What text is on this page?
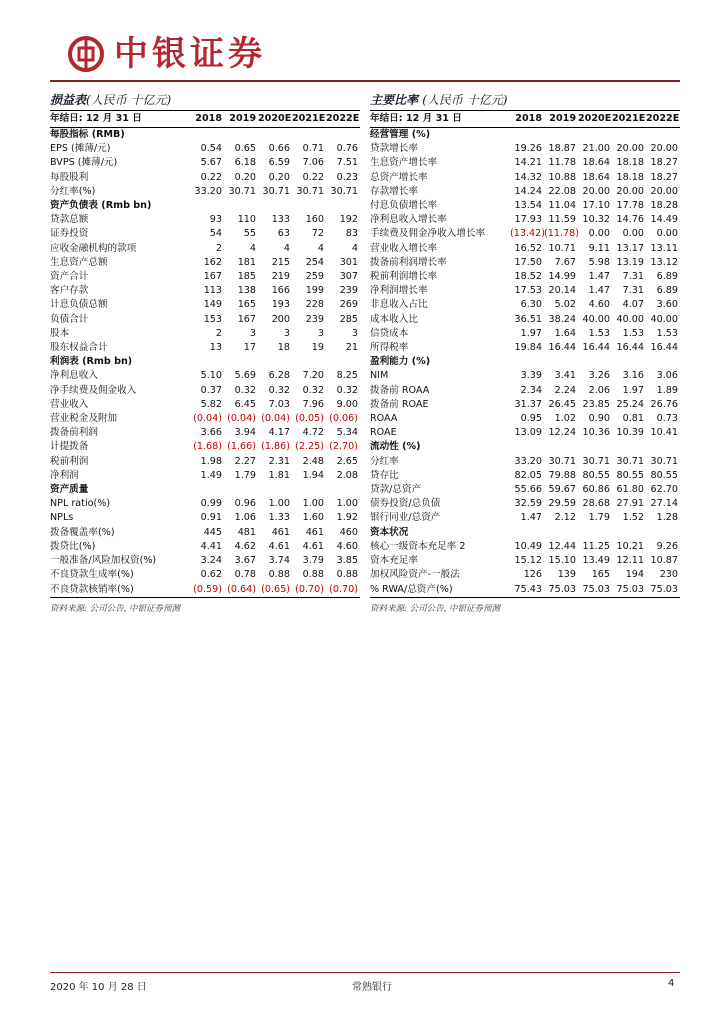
中银证券
损益表(人民币 十亿元)
年结日: 12 月 31 日	2018	2019	2020E	2021E	2022E
每股指标 (RMB)					
EPS (摊薄/元)	0.54	0.65	0.66	0.71	0.76
BVPS (摊薄/元)	5.67	6.18	6.59	7.06	7.51
每股股利	0.22	0.20	0.20	0.22	0.23
分红率(%)	33.20	30.71	30.71	30.71	30.71
资产负债表 (Rmb bn)					
贷款总额	93	110	133	160	192
证券投资	54	55	63	72	83
应收金融机构的款项	2	4	4	4	4
生息资产总额	162	181	215	254	301
资产合计	167	185	219	259	307
客户存款	113	138	166	199	239
计息负债总额	149	165	193	228	269
负债合计	153	167	200	239	285
股本	2	3	3	3	3
股东权益合计	13	17	18	19	21
利润表 (Rmb bn)					
净利息收入	5.10	5.69	6.28	7.20	8.25
净手续费及佣金收入	0.37	0.32	0.32	0.32	0.32
营业收入	5.82	6.45	7.03	7.96	9.00
营业税金及附加	(0.04)	(0.04)	(0.04)	(0.05)	(0.06)
拨备前利润	3.66	3.94	4.17	4.72	5.34
计提拨备	(1.68)	(1.66)	(1.86)	(2.25)	(2.70)
税前利润	1.98	2.27	2.31	2.48	2.65
净利润	1.49	1.79	1.81	1.94	2.08
资产质量					
NPL ratio(%)	0.99	0.96	1.00	1.00	1.00
NPLs	0.91	1.06	1.33	1.60	1.92
拨备覆盖率(%)	445	481	461	461	460
拨贷比(%)	4.41	4.62	4.61	4.61	4.60
一般准备/风险加权资(%)	3.24	3.67	3.74	3.79	3.85
不良贷款生成率(%)	0.62	0.78	0.88	0.88	0.88
不良贷款核销率(%)	(0.59)	(0.64)	(0.65)	(0.70)	(0.70)
资料来源: 公司公告, 中银证券预测
主要比率 (人民币 十亿元)
年结日: 12 月 31 日	2018	2019	2020E	2021E	2022E
经营管理 (%)					
贷款增长率	19.26	18.87	21.00	20.00	20.00
生息资产增长率	14.21	11.78	18.64	18.18	18.27
总资产增长率	14.32	10.88	18.64	18.18	18.27
存款增长率	14.24	22.08	20.00	20.00	20.00
付息负债增长率	13.54	11.04	17.10	17.78	18.28
净利息收入增长率	17.93	11.59	10.32	14.76	14.49
手续费及佣金净收入增长率	(13.42)	(11.78)	0.00	0.00	0.00
营业收入增长率	16.52	10.71	9.11	13.17	13.11
拨备前利润增长率	17.50	7.67	5.98	13.19	13.12
税前利润增长率	18.52	14.99	1.47	7.31	6.89
净利润增长率	17.53	20.14	1.47	7.31	6.89
非息收入占比	6.30	5.02	4.60	4.07	3.60
成本收入比	36.51	38.24	40.00	40.00	40.00
信贷成本	1.97	1.64	1.53	1.53	1.53
所得税率	19.84	16.44	16.44	16.44	16.44
盈利能力 (%)					
NIM	3.39	3.41	3.26	3.16	3.06
拨备前 ROAA	2.34	2.24	2.06	1.97	1.89
拨备前 ROAE	31.37	26.45	23.85	25.24	26.76
ROAA	0.95	1.02	0.90	0.81	0.73
ROAE	13.09	12.24	10.36	10.39	10.41
流动性 (%)					
分红率	33.20	30.71	30.71	30.71	30.71
贷存比	82.05	79.88	80.55	80.55	80.55
贷款/总资产	55.66	59.67	60.86	61.80	62.70
债券投资/总负债	32.59	29.59	28.68	27.91	27.14
银行同业/总资产	1.47	2.12	1.79	1.52	1.28
资本状况					
核心一级资本充足率 2	10.49	12.44	11.25	10.21	9.26
资本充足率	15.12	15.10	13.49	12.11	10.87
加权风险资产-一般法	126	139	165	194	230
% RWA/总资产(%)	75.43	75.03	75.03	75.03	75.03
资料来源: 公司公告, 中银证券预测
2020 年 10 月 28 日	常熟银行	4
